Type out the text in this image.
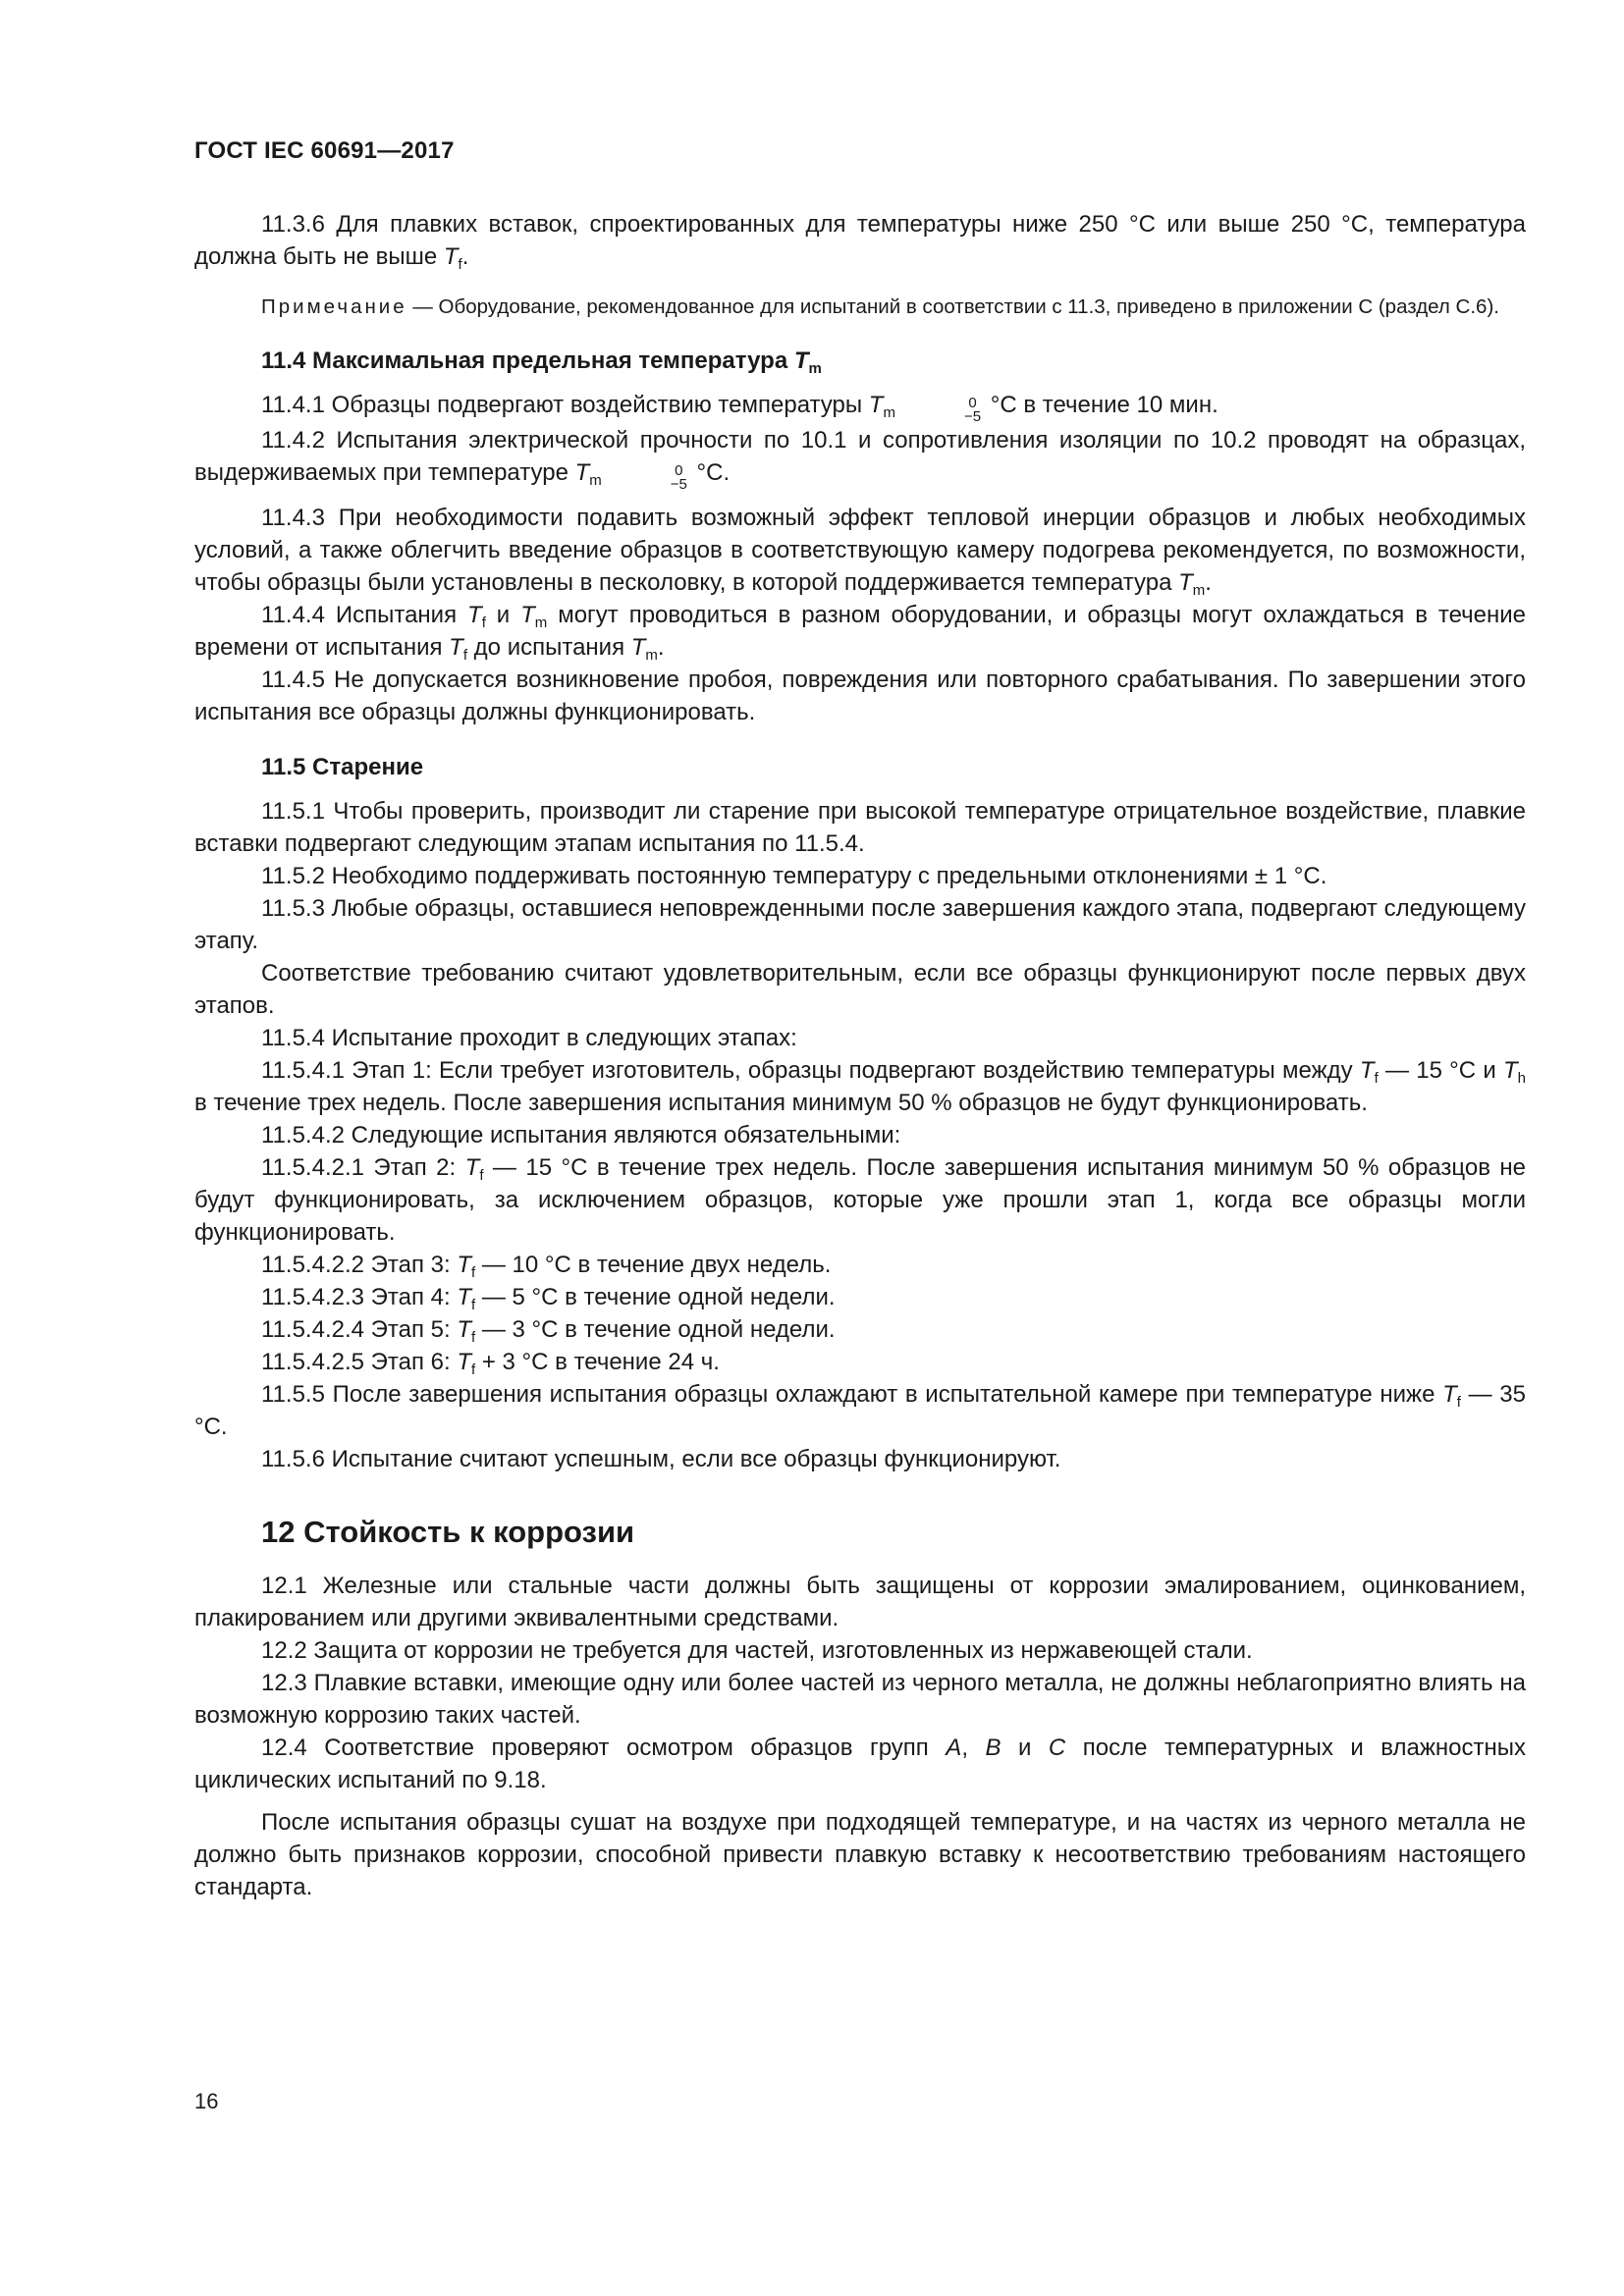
ГОСТ IEC 60691—2017

11.3.6 Для плавких вставок, спроектированных для температуры ниже 250 °С или выше 250 °С, температура должна быть не выше $T_f$.

Примечание — Оборудование, рекомендованное для испытаний в соответствии с 11.3, приведено в приложении С (раздел С.6).

11.4 Максимальная предельная температура $T_m$

11.4.1 Образцы подвергают воздействию температуры $T_m$
0
−5 °С в течение 10 мин.

11.4.2 Испытания электрической прочности по 10.1 и сопротивления изоляции по 10.2 проводят на образцах, выдерживаемых при температуре $T_m$
0
−5 °С.

11.4.3 При необходимости подавить возможный эффект тепловой инерции образцов и любых необходимых условий, а также облегчить введение образцов в соответствующую камеру подогрева рекомендуется, по возможности, чтобы образцы были установлены в песколовку, в которой поддерживается температура $T_m$.

11.4.4 Испытания $T_f$ и $T_m$ могут проводиться в разном оборудовании, и образцы могут охлаждаться в течение времени от испытания $T_f$ до испытания $T_m$.

11.4.5 Не допускается возникновение пробоя, повреждения или повторного срабатывания. По завершении этого испытания все образцы должны функционировать.

11.5 Старение

11.5.1 Чтобы проверить, производит ли старение при высокой температуре отрицательное воздействие, плавкие вставки подвергают следующим этапам испытания по 11.5.4.

11.5.2 Необходимо поддерживать постоянную температуру с предельными отклонениями ± 1 °С.

11.5.3 Любые образцы, оставшиеся неповрежденными после завершения каждого этапа, подвергают следующему этапу.

Соответствие требованию считают удовлетворительным, если все образцы функционируют после первых двух этапов.

11.5.4 Испытание проходит в следующих этапах:

11.5.4.1 Этап 1: Если требует изготовитель, образцы подвергают воздействию температуры между $T_f$ — 15 °С и $T_h$ в течение трех недель. После завершения испытания минимум 50 % образцов не будут функционировать.

11.5.4.2 Следующие испытания являются обязательными:

11.5.4.2.1 Этап 2: $T_f$ — 15 °С в течение трех недель. После завершения испытания минимум 50 % образцов не будут функционировать, за исключением образцов, которые уже прошли этап 1, когда все образцы могли функционировать.

11.5.4.2.2 Этап 3: $T_f$ — 10 °С в течение двух недель.

11.5.4.2.3 Этап 4: $T_f$ — 5 °С в течение одной недели.

11.5.4.2.4 Этап 5: $T_f$ — 3 °С в течение одной недели.

11.5.4.2.5 Этап 6: $T_f + 3$ °С в течение 24 ч.

11.5.5 После завершения испытания образцы охлаждают в испытательной камере при температуре ниже $T_f$ — 35 °С.

11.5.6 Испытание считают успешным, если все образцы функционируют.

12 Стойкость к коррозии

12.1 Железные или стальные части должны быть защищены от коррозии эмалированием, оцинкованием, плакированием или другими эквивалентными средствами.

12.2 Защита от коррозии не требуется для частей, изготовленных из нержавеющей стали.

12.3 Плавкие вставки, имеющие одну или более частей из черного металла, не должны неблагоприятно влиять на возможную коррозию таких частей.

12.4 Соответствие проверяют осмотром образцов групп A, B и C после температурных и влажностных циклических испытаний по 9.18.

После испытания образцы сушат на воздухе при подходящей температуре, и на частях из черного металла не должно быть признаков коррозии, способной привести плавкую вставку к несоответствию требованиям настоящего стандарта.

16
